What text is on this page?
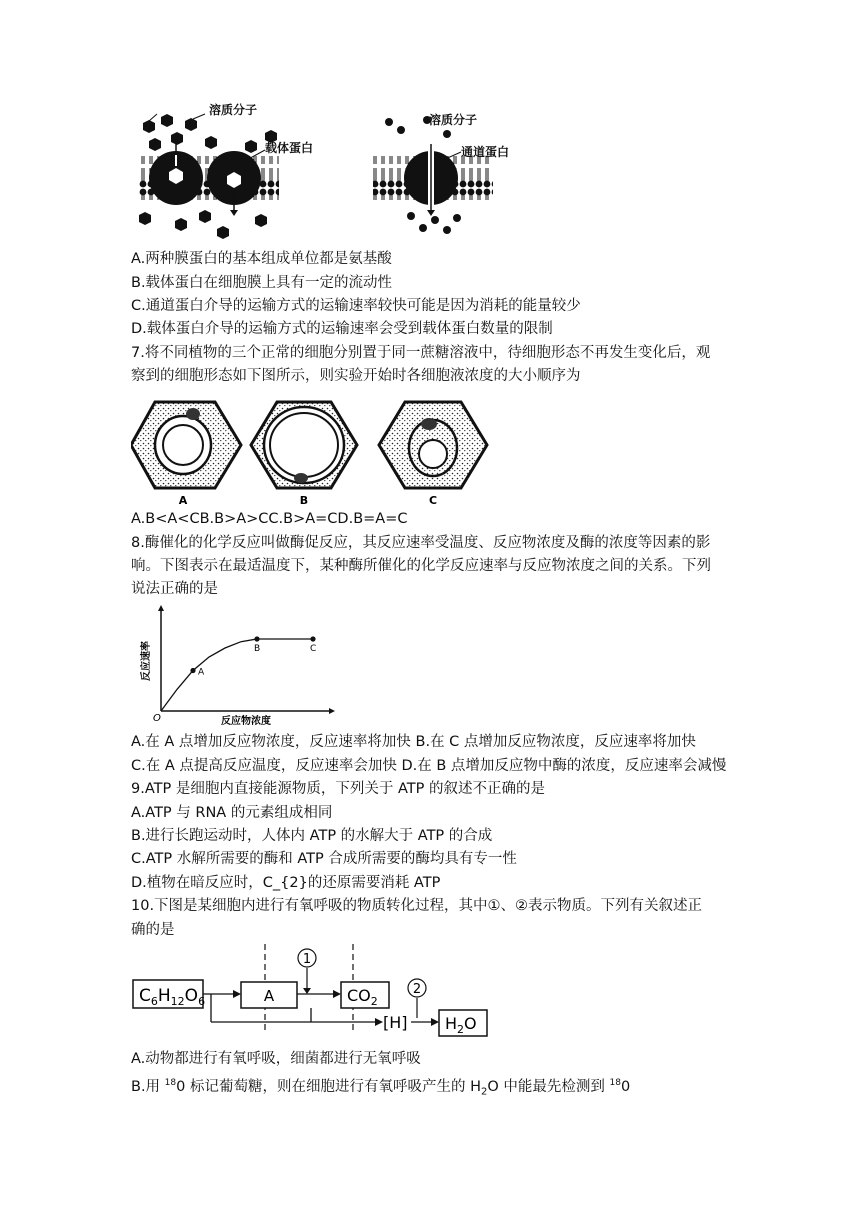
溶质分子
载体蛋白
溶质分子
通道蛋白
A.两种膜蛋白的基本组成单位都是氨基酸
B.载体蛋白在细胞膜上具有一定的流动性
C.通道蛋白介导的运输方式的运输速率较快可能是因为消耗的能量较少
D.载体蛋白介导的运输方式的运输速率会受到载体蛋白数量的限制
7.将不同植物的三个正常的细胞分别置于同一蔗糖溶液中，待细胞形态不再发生变化后，观
察到的细胞形态如下图所示，则实验开始时各细胞液浓度的大小顺序为
A	B	C
A.B<A<CB.B>A>CC.B>A=CD.B=A=C
8.酶催化的化学反应叫做酶促反应，其反应速率受温度、反应物浓度及酶的浓度等因素的影
响。下图表示在最适温度下，某种酶所催化的化学反应速率与反应物浓度之间的关系。下列
说法正确的是
A
B	C
O	反应物浓度
反应速率
A.在 A 点增加反应物浓度，反应速率将加快 B.在 C 点增加反应物浓度，反应速率将加快
C.在 A 点提高反应温度，反应速率会加快 D.在 B 点增加反应物中酶的浓度，反应速率会减慢
9.ATP 是细胞内直接能源物质，下列关于 ATP 的叙述不正确的是
A.ATP 与 RNA 的元素组成相同
B.进行长跑运动时，人体内 ATP 的水解大于 ATP 的合成
C.ATP 水解所需要的酶和 ATP 合成所需要的酶均具有专一性
D.植物在暗反应时，C_{2}的还原需要消耗 ATP
10.下图是某细胞内进行有氧呼吸的物质转化过程，其中①、②表示物质。下列有关叙述正
确的是
$C_6H_{12}O_6$	A
1
$CO_2$
[H]
2
$H_2O$
A.动物都进行有氧呼吸，细菌都进行无氧呼吸
B.用 $^{18}$0 标记葡萄糖，则在细胞进行有氧呼吸产生的 $H_2O$ 中能最先检测到 $^{18}$0
